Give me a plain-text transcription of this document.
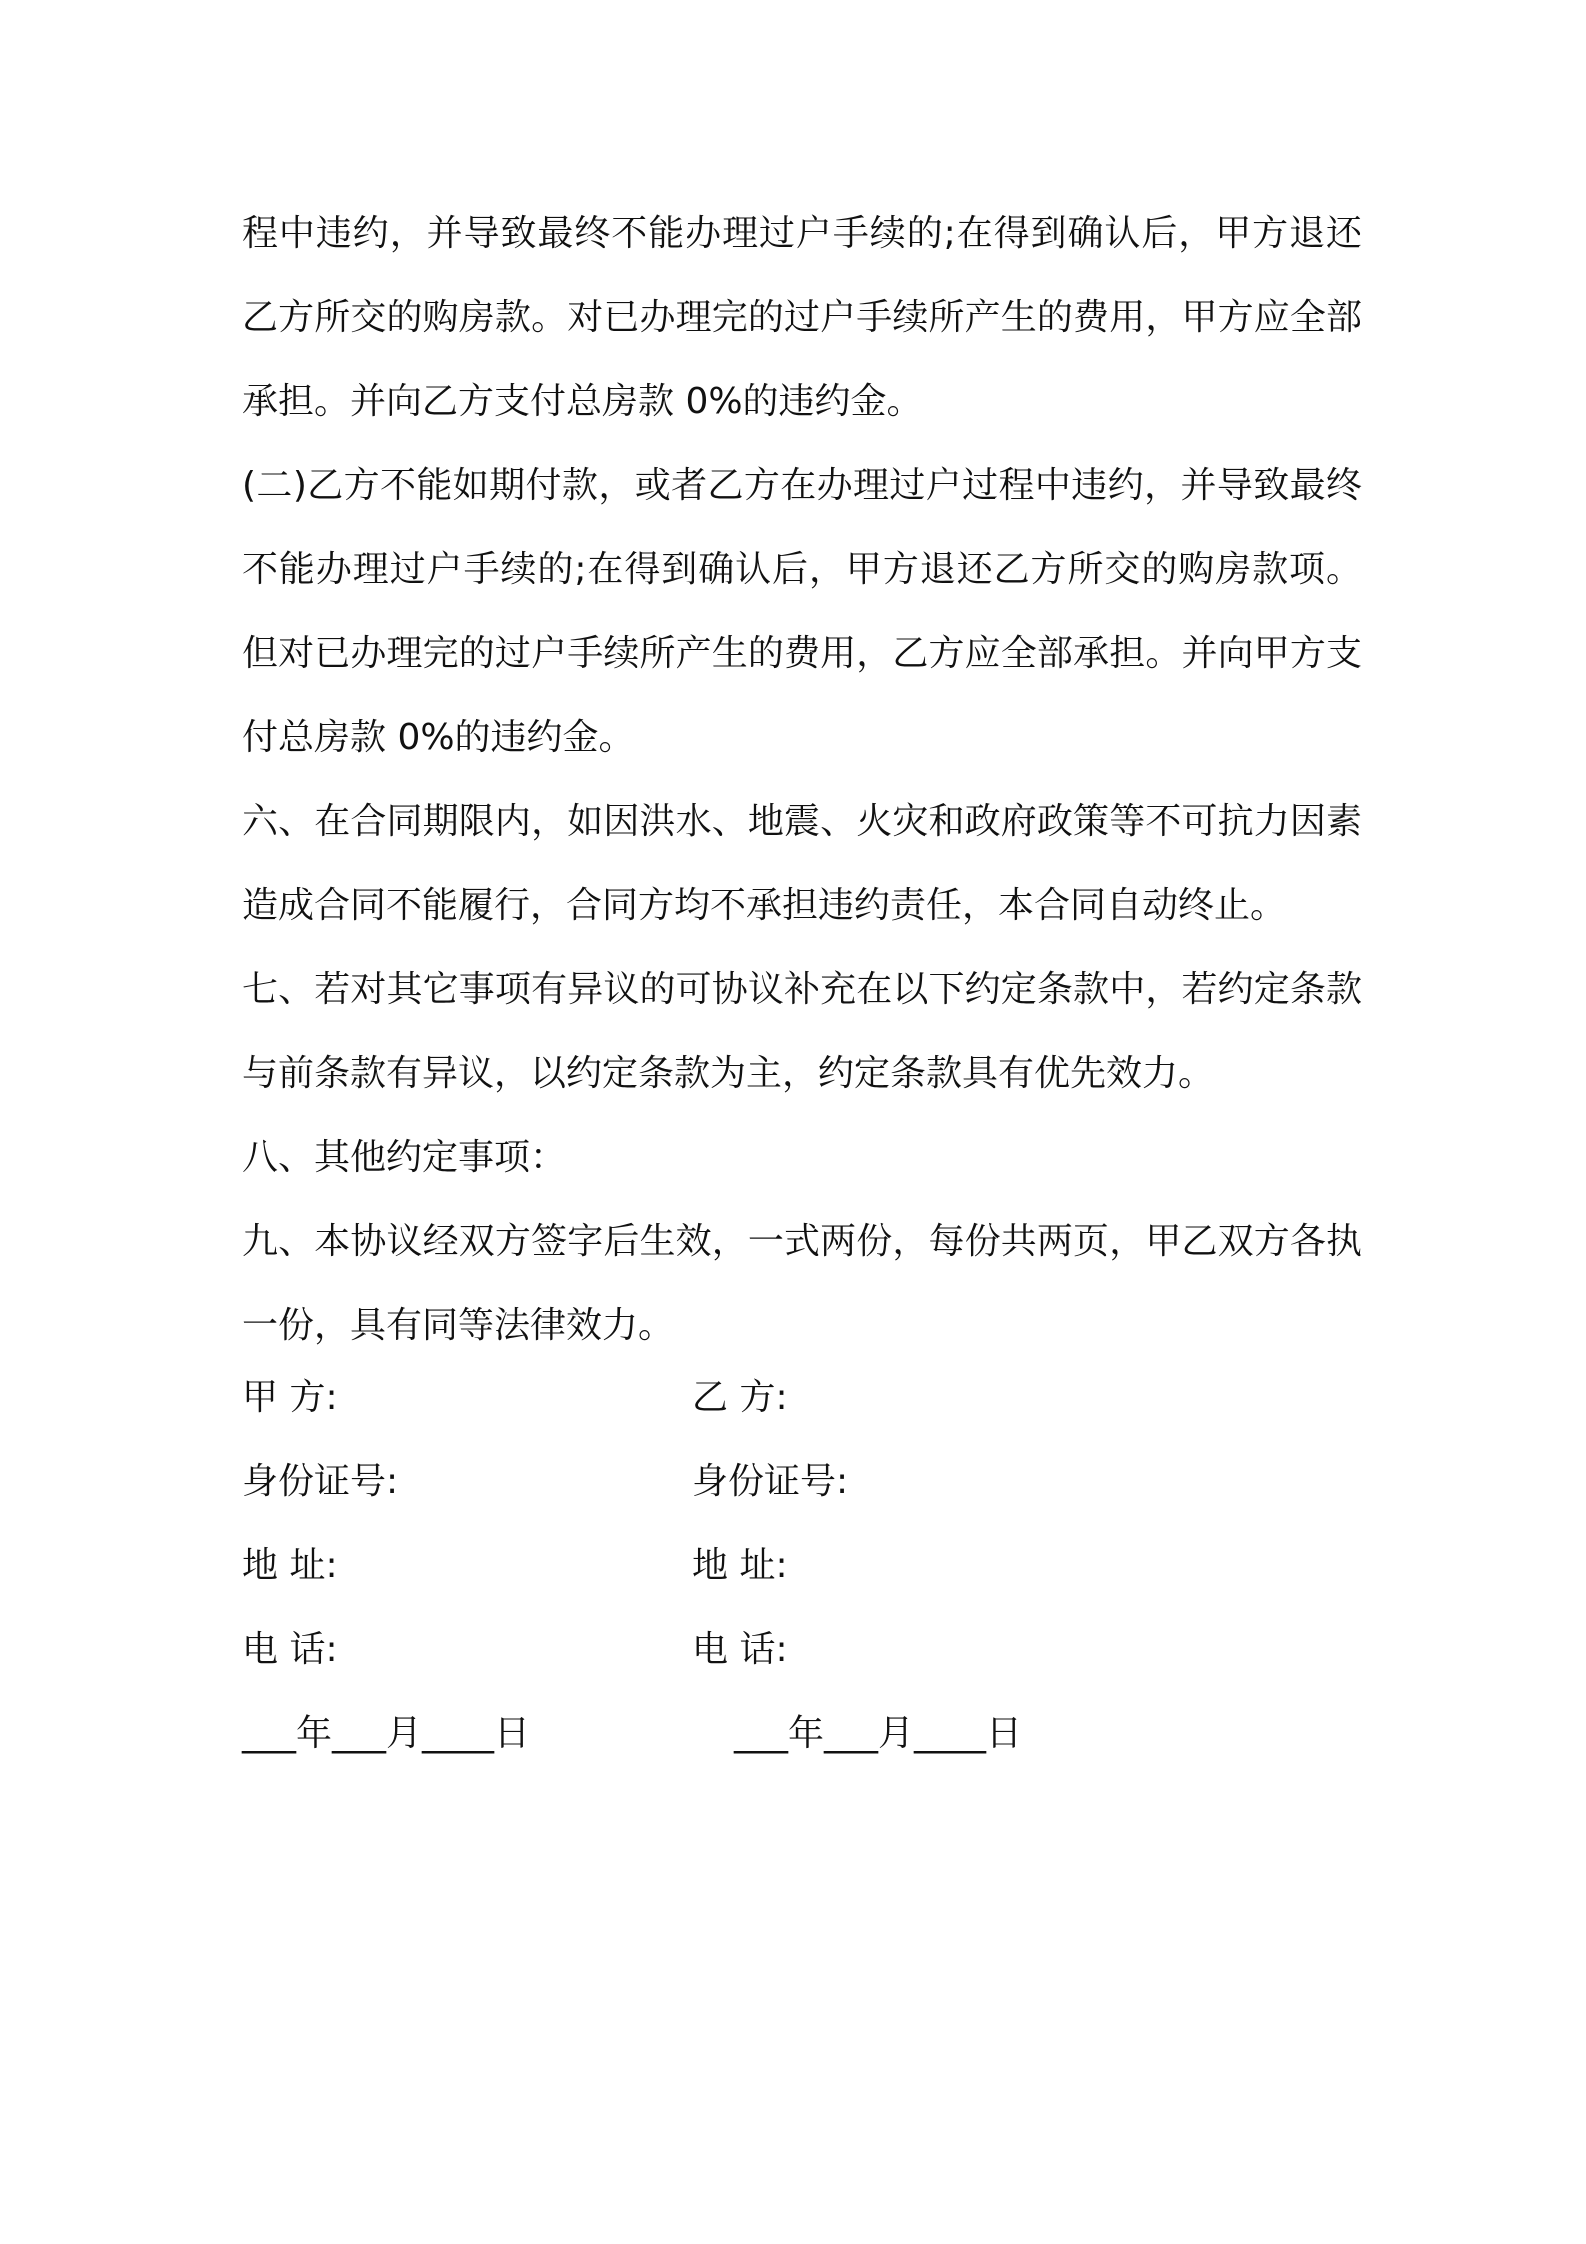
程中违约，并导致最终不能办理过户手续的;在得到确认后，甲方退还乙方所交的购房款。对已办理完的过户手续所产生的费用，甲方应全部承担。并向乙方支付总房款 0%的违约金。

(二)乙方不能如期付款，或者乙方在办理过户过程中违约，并导致最终不能办理过户手续的;在得到确认后，甲方退还乙方所交的购房款项。但对已办理完的过户手续所产生的费用，乙方应全部承担。并向甲方支付总房款 0%的违约金。

六、在合同期限内，如因洪水、地震、火灾和政府政策等不可抗力因素造成合同不能履行，合同方均不承担违约责任，本合同自动终止。

七、若对其它事项有异议的可协议补充在以下约定条款中，若约定条款与前条款有异议，以约定条款为主，约定条款具有优先效力。

八、其他约定事项：

九、本协议经双方签字后生效，一式两份，每份共两页，甲乙双方各执一份，具有同等法律效力。

甲 方:	乙 方:
身份证号:	身份证号:
地 址:	地 址:
电 话:	电 话:
___年___月____日	___年___月____日
